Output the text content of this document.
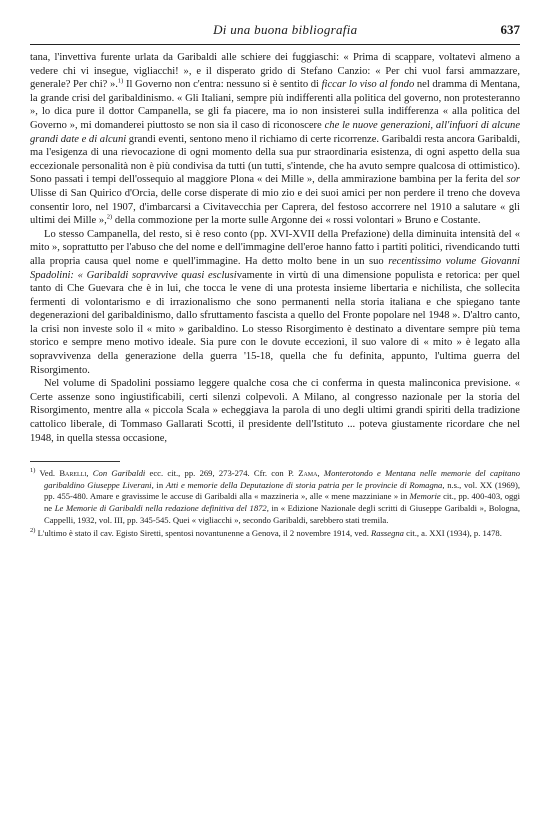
Di una buona bibliografia	637

tana, l'invettiva furente urlata da Garibaldi alle schiere dei fuggiaschi: « Prima di scappare, voltatevi almeno a vedere chi vi insegue, vigliacchi! », e il disperato grido di Stefano Canzio: « Per chi vuol farsi ammazzare, generale? Per chi? ».$^{1)}$ Il Governo non c'entra: nessuno si è sentito di ficcar lo viso al fondo nel dramma di Mentana, la grande crisi del garibaldinismo. « Gli Italiani, sempre più indifferenti alla politica del governo, non protesteranno », lo dica pure il dottor Campanella, se gli fa piacere, ma io non insisterei sulla indifferenza « alla politica del Governo », mi domanderei piuttosto se non sia il caso di riconoscere che le nuove generazioni, all'infuori di alcune grandi date e di alcuni grandi eventi, sentono meno il richiamo di certe ricorrenze. Garibaldi resta ancora Garibaldi, ma l'esigenza di una rievocazione di ogni momento della sua pur straordinaria esistenza, di ogni aspetto della sua eccezionale personalità non è più condivisa da tutti (un tutti, s'intende, che ha avuto sempre qualcosa di ottimistico). Sono passati i tempi dell'ossequio al maggiore Plona « dei Mille », della ammirazione bambina per la ferita del sor Ulisse di San Quirico d'Orcia, delle corse disperate di mio zio e dei suoi amici per non perdere il treno che doveva consentir loro, nel 1907, d'imbarcarsi a Civitavecchia per Caprera, del festoso accorrere nel 1910 a salutare « gli ultimi dei Mille »,$^{2)}$ della commozione per la morte sulle Argonne dei « rossi volontari » Bruno e Costante.

Lo stesso Campanella, del resto, si è reso conto (pp. XVI-XVII della Prefazione) della diminuita intensità del « mito », soprattutto per l'abuso che del nome e dell'immagine dell'eroe hanno fatto i partiti politici, rivendicando tutti alla propria causa quel nome e quell'immagine. Ha detto molto bene in un suo recentissimo volume Giovanni Spadolini: « Garibaldi sopravvive quasi esclusivamente in virtù di una dimensione populista e retorica: per quel tanto di Che Guevara che è in lui, che tocca le vene di una protesta insieme libertaria e nichilista, che sollecita fermenti di volontarismo e di irrazionalismo che sono permanenti nella storia italiana e che spiegano tante degenerazioni del garibaldinismo, dallo sfruttamento fascista a quello del Fronte popolare nel 1948 ». D'altro canto, la crisi non investe solo il « mito » garibaldino. Lo stesso Risorgimento è destinato a diventare sempre più tema storico e sempre meno motivo ideale. Sia pure con le dovute eccezioni, il suo valore di « mito » è legato alla sopravvivenza della generazione della guerra '15-18, quella che fu definita, appunto, l'ultima guerra del Risorgimento.

Nel volume di Spadolini possiamo leggere qualche cosa che ci conferma in questa malinconica previsione. « Certe assenze sono ingiustificabili, certi silenzi colpevoli. A Milano, al congresso nazionale per la storia del Risorgimento, mentre alla « piccola Scala » echeggiava la parola di uno degli ultimi grandi spiriti della tradizione cattolico liberale, di Tommaso Gallarati Scotti, il presidente dell'Istituto ... poteva giustamente ricordare che nel 1948, in quella stessa occasione,

$^{1)}$ Ved. Barelli, Con Garibaldi ecc. cit., pp. 269, 273-274. Cfr. con P. Zama, Monterotondo e Mentana nelle memorie del capitano garibaldino Giuseppe Liverani, in Atti e memorie della Deputazione di storia patria per le provincie di Romagna, n.s., vol. XX (1969), pp. 455-480. Amare e gravissime le accuse di Garibaldi alla « mazzineria », alle « mene mazziniane » in Memorie cit., pp. 400-403, oggi ne Le Memorie di Garibaldi nella redazione definitiva del 1872, in « Edizione Nazionale degli scritti di Giuseppe Garibaldi », Bologna, Cappelli, 1932, vol. III, pp. 345-545. Quei « vigliacchi », secondo Garibaldi, sarebbero stati tremila.

$^{2)}$ L'ultimo è stato il cav. Egisto Siretti, spentosi novantunenne a Genova, il 2 novembre 1914, ved. Rassegna cit., a. XXI (1934), p. 1478.
